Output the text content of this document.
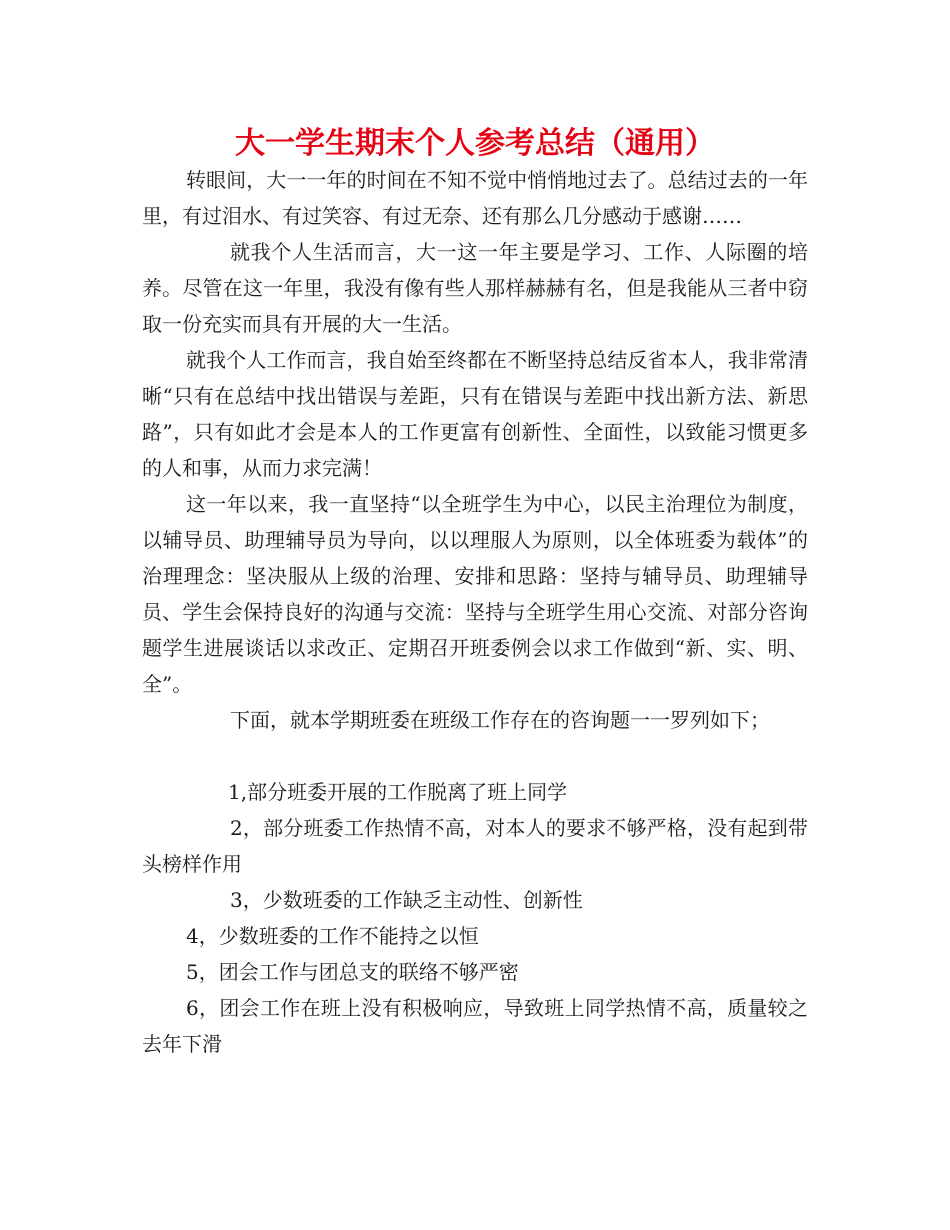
大一学生期末个人参考总结（通用）

转眼间，大一一年的时间在不知不觉中悄悄地过去了。总结过去的一年里，有过泪水、有过笑容、有过无奈、还有那么几分感动于感谢……

就我个人生活而言，大一这一年主要是学习、工作、人际圈的培养。尽管在这一年里，我没有像有些人那样赫赫有名，但是我能从三者中窃取一份充实而具有开展的大一生活。

就我个人工作而言，我自始至终都在不断坚持总结反省本人，我非常清晰“只有在总结中找出错误与差距，只有在错误与差距中找出新方法、新思路”，只有如此才会是本人的工作更富有创新性、全面性，以致能习惯更多的人和事，从而力求完满！

这一年以来，我一直坚持“以全班学生为中心，以民主治理位为制度，以辅导员、助理辅导员为导向，以以理服人为原则，以全体班委为载体”的治理理念：坚决服从上级的治理、安排和思路：坚持与辅导员、助理辅导员、学生会保持良好的沟通与交流：坚持与全班学生用心交流、对部分咨询题学生进展谈话以求改正、定期召开班委例会以求工作做到“新、实、明、全”。

下面，就本学期班委在班级工作存在的咨询题一一罗列如下；

1,部分班委开展的工作脱离了班上同学

2，部分班委工作热情不高，对本人的要求不够严格，没有起到带头榜样作用

3，少数班委的工作缺乏主动性、创新性

4，少数班委的工作不能持之以恒

5，团会工作与团总支的联络不够严密

6，团会工作在班上没有积极响应，导致班上同学热情不高，质量较之去年下滑
